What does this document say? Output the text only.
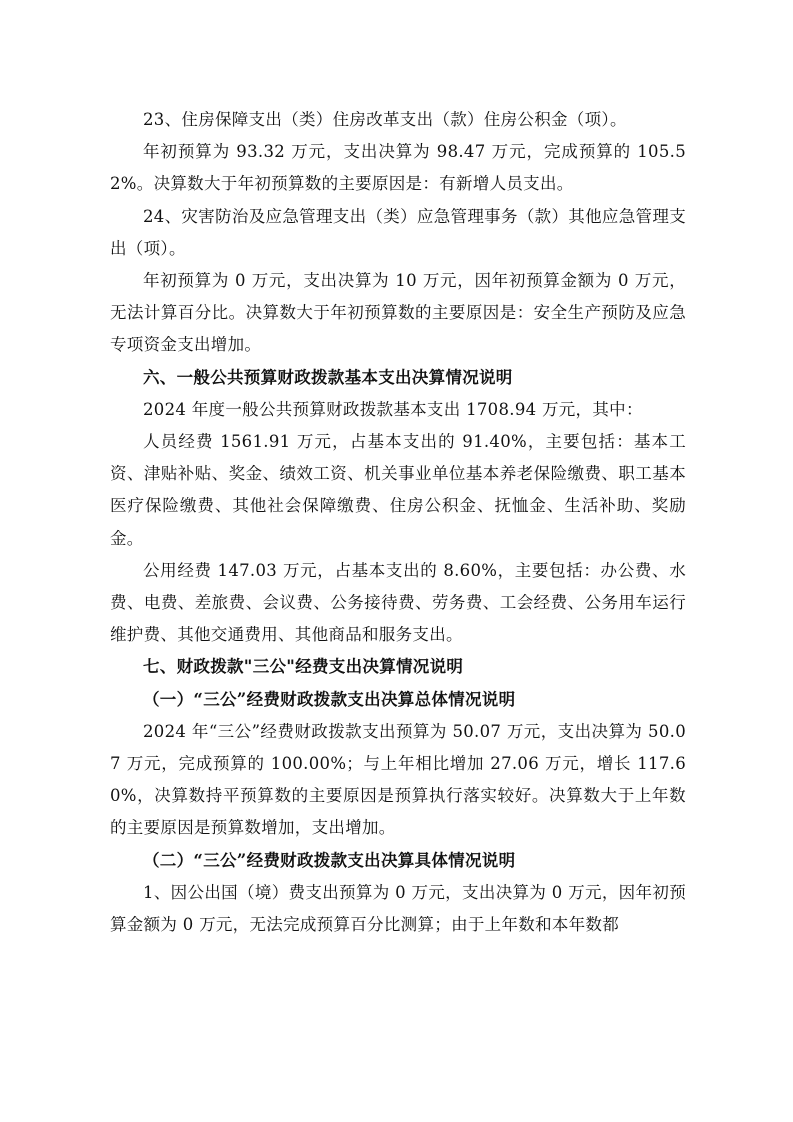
23、住房保障支出（类）住房改革支出（款）住房公积金（项）。

年初预算为 93.32 万元，支出决算为 98.47 万元，完成预算的 105.52%。决算数大于年初预算数的主要原因是：有新增人员支出。

24、灾害防治及应急管理支出（类）应急管理事务（款）其他应急管理支出（项）。

年初预算为 0 万元，支出决算为 10 万元，因年初预算金额为 0 万元，无法计算百分比。决算数大于年初预算数的主要原因是：安全生产预防及应急专项资金支出增加。

六、一般公共预算财政拨款基本支出决算情况说明

2024 年度一般公共预算财政拨款基本支出 1708.94 万元，其中：

人员经费 1561.91 万元，占基本支出的 91.40%，主要包括：基本工资、津贴补贴、奖金、绩效工资、机关事业单位基本养老保险缴费、职工基本医疗保险缴费、其他社会保障缴费、住房公积金、抚恤金、生活补助、奖励金。

公用经费 147.03 万元，占基本支出的 8.60%，主要包括：办公费、水费、电费、差旅费、会议费、公务接待费、劳务费、工会经费、公务用车运行维护费、其他交通费用、其他商品和服务支出。

七、财政拨款"三公"经费支出决算情况说明

（一）“三公”经费财政拨款支出决算总体情况说明

2024 年“三公”经费财政拨款支出预算为 50.07 万元，支出决算为 50.07 万元，完成预算的 100.00%；与上年相比增加 27.06 万元，增长 117.60%，决算数持平预算数的主要原因是预算执行落实较好。决算数大于上年数的主要原因是预算数增加，支出增加。

（二）“三公”经费财政拨款支出决算具体情况说明

1、因公出国（境）费支出预算为 0 万元，支出决算为 0 万元，因年初预算金额为 0 万元，无法完成预算百分比测算；由于上年数和本年数都
